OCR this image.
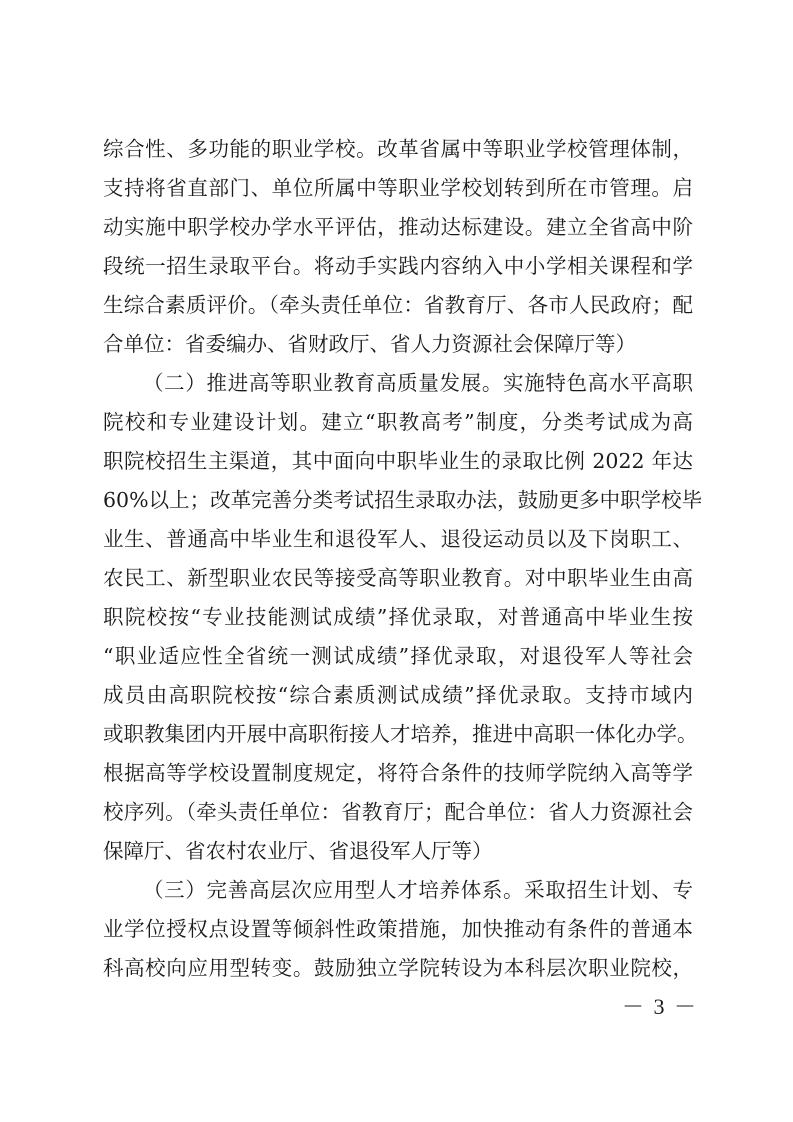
综合性、多功能的职业学校。改革省属中等职业学校管理体制，
支持将省直部门、单位所属中等职业学校划转到所在市管理。启
动实施中职学校办学水平评估，推动达标建设。建立全省高中阶
段统一招生录取平台。将动手实践内容纳入中小学相关课程和学
生综合素质评价。（牵头责任单位：省教育厅、各市人民政府；配
合单位：省委编办、省财政厅、省人力资源社会保障厅等）
（二）推进高等职业教育高质量发展。实施特色高水平高职
院校和专业建设计划。建立“职教高考”制度，分类考试成为高
职院校招生主渠道，其中面向中职毕业生的录取比例 2022 年达
60%以上；改革完善分类考试招生录取办法，鼓励更多中职学校毕
业生、普通高中毕业生和退役军人、退役运动员以及下岗职工、
农民工、新型职业农民等接受高等职业教育。对中职毕业生由高
职院校按“专业技能测试成绩”择优录取，对普通高中毕业生按
“职业适应性全省统一测试成绩”择优录取，对退役军人等社会
成员由高职院校按“综合素质测试成绩”择优录取。支持市域内
或职教集团内开展中高职衔接人才培养，推进中高职一体化办学。
根据高等学校设置制度规定，将符合条件的技师学院纳入高等学
校序列。（牵头责任单位：省教育厅；配合单位：省人力资源社会
保障厅、省农村农业厅、省退役军人厅等）
（三）完善高层次应用型人才培养体系。采取招生计划、专
业学位授权点设置等倾斜性政策措施，加快推动有条件的普通本
科高校向应用型转变。鼓励独立学院转设为本科层次职业院校，
－ 3 －
